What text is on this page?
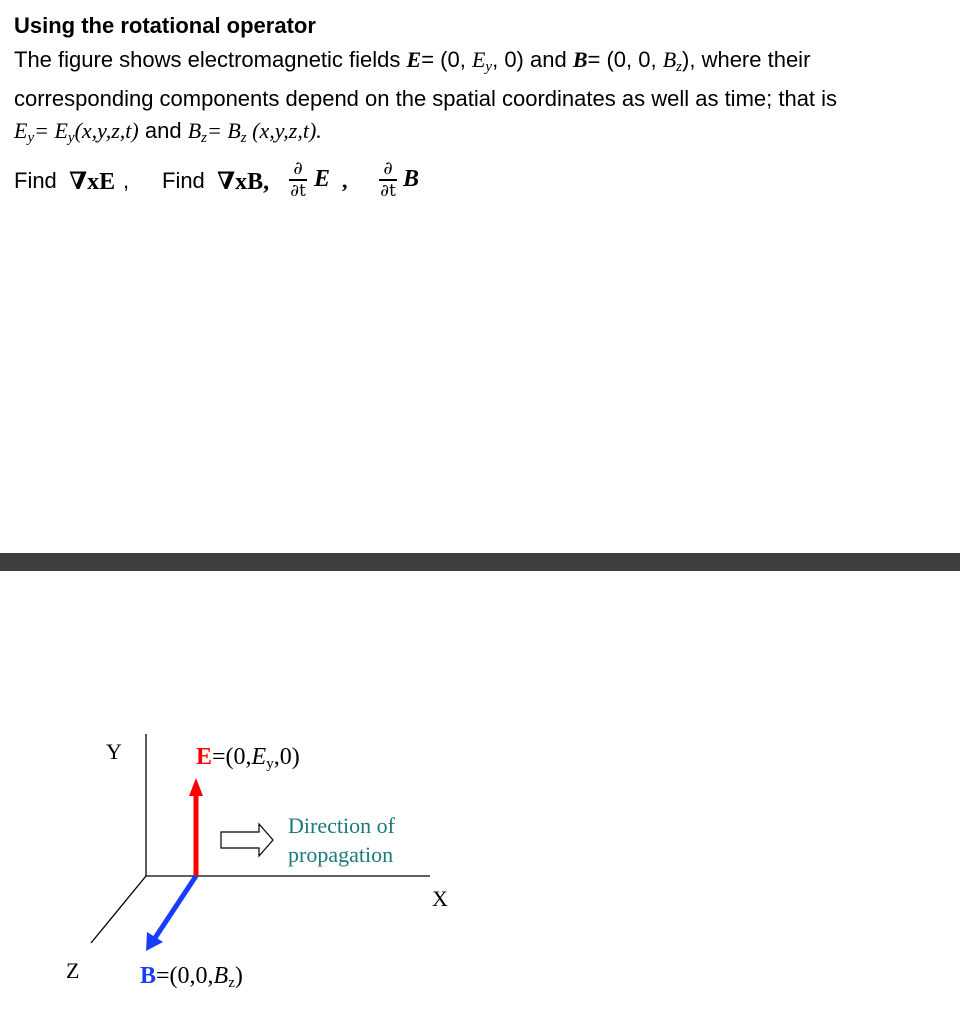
Using the rotational operator
The figure shows electromagnetic fields E= (0, $E_y$, 0) and B= (0, 0, $B_z$), where their
corresponding components depend on the spatial coordinates as well as time; that is
$E_y= E_y(x,y,z,t)$ and $B_z= B_z$ (x,y,z,t).
Find ∇xE , Find ∇xB,
∂
∂t E ,	∂
∂t B
Y
X
Z
E=(0,Ey,0)
B=(0,0,Bz)
Direction of
propagation
